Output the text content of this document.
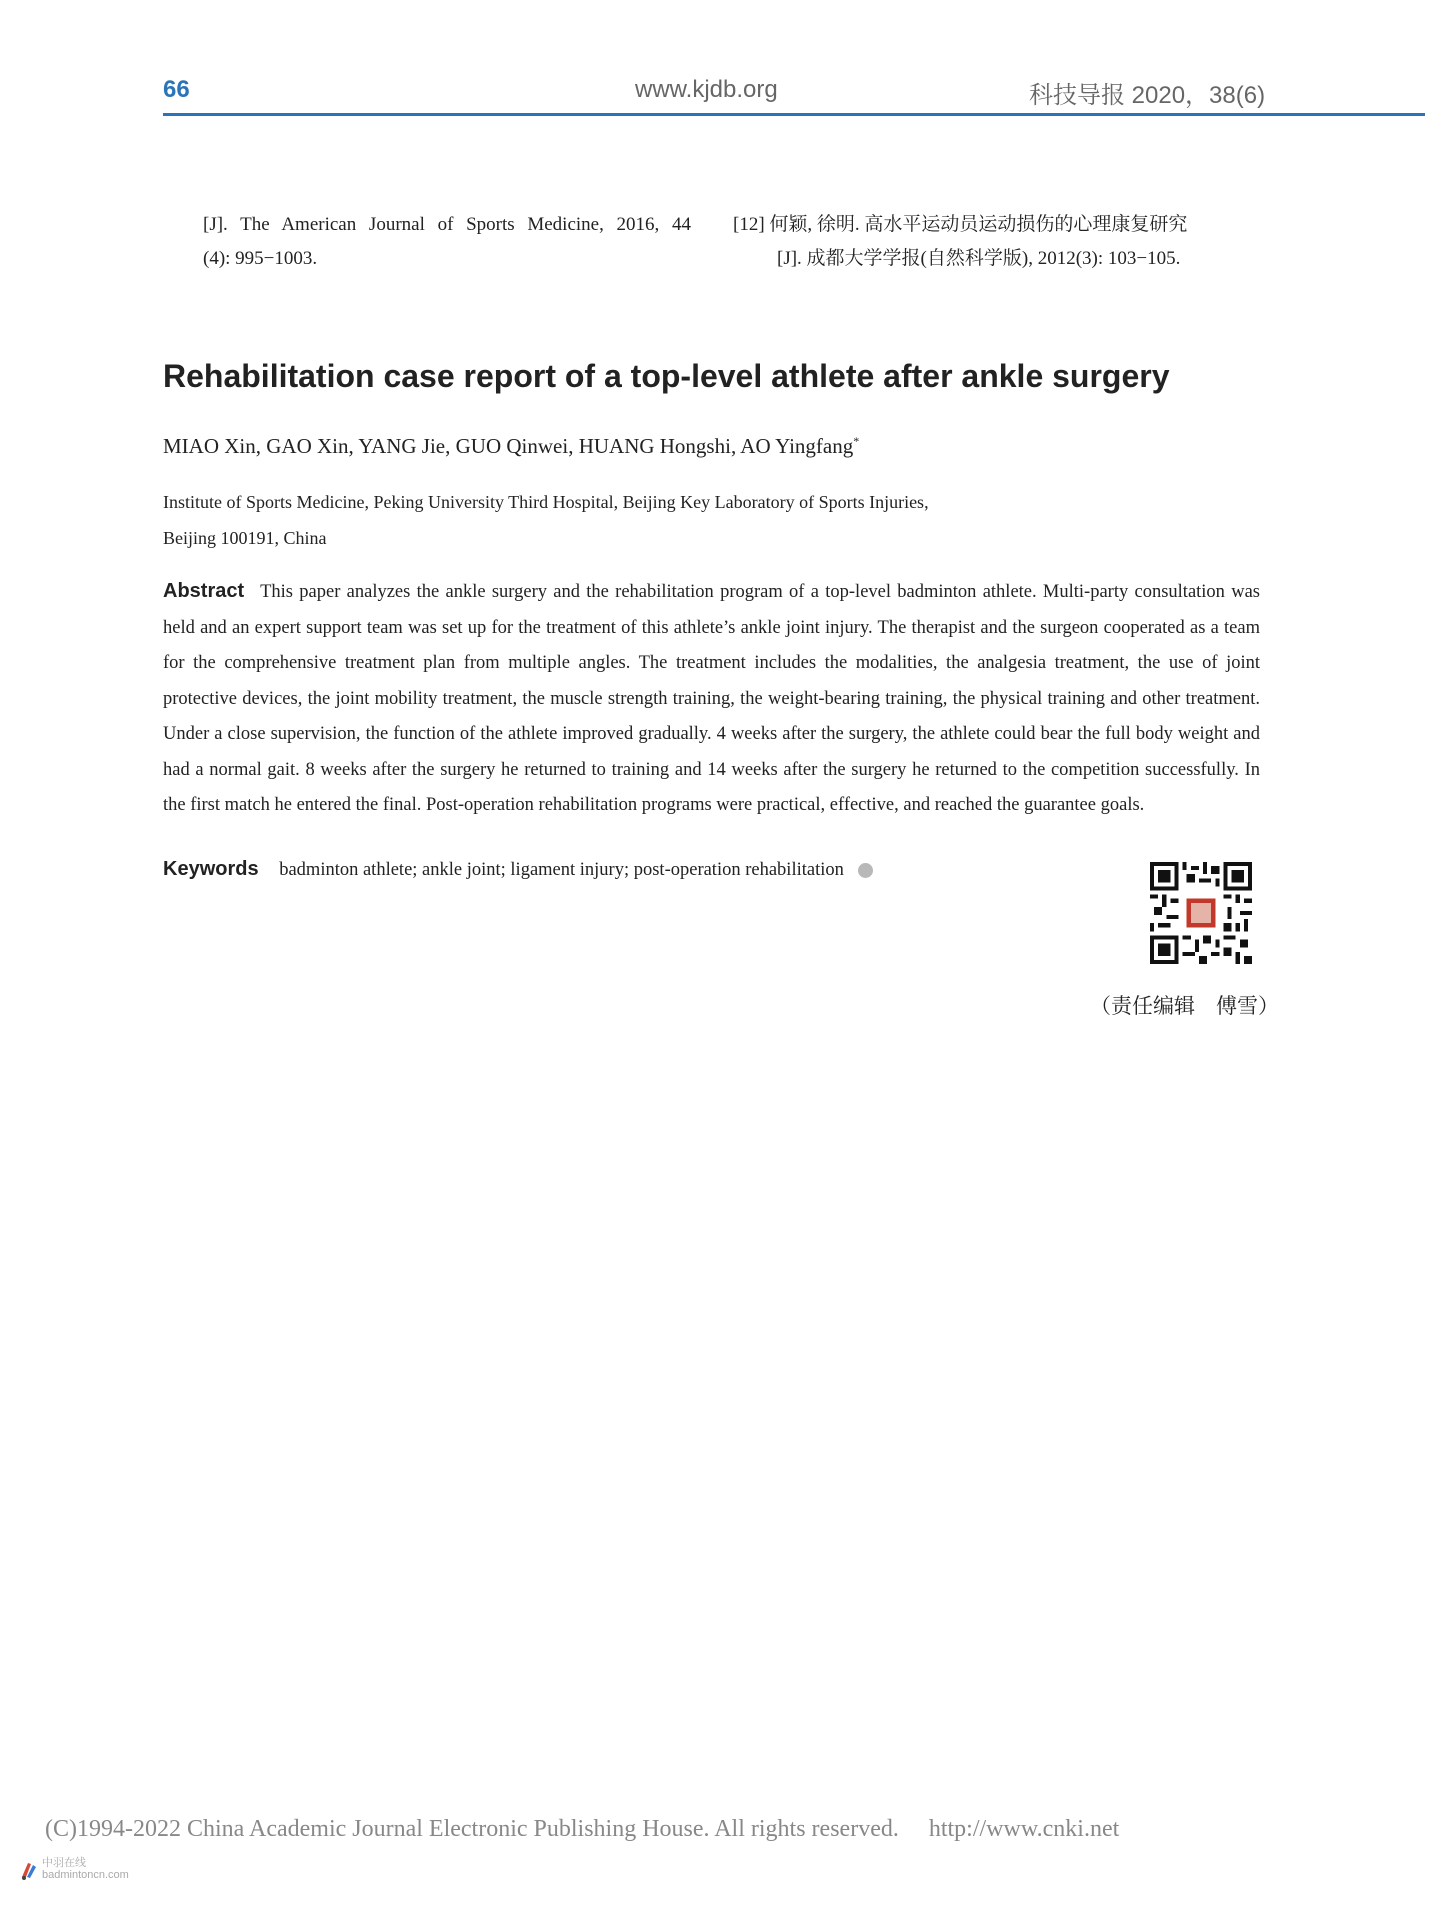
66	www.kjdb.org	科技导报 2020，38(6)
[J]. The American Journal of Sports Medicine, 2016, 44
(4): 995−1003.
[12] 何颖, 徐明. 高水平运动员运动损伤的心理康复研究
[J]. 成都大学学报(自然科学版), 2012(3): 103−105.
Rehabilitation case report of a top-level athlete after ankle surgery
MIAO Xin, GAO Xin, YANG Jie, GUO Qinwei, HUANG Hongshi, AO Yingfang*
Institute of Sports Medicine, Peking University Third Hospital, Beijing Key Laboratory of Sports Injuries,
Beijing 100191, China
Abstract This paper analyzes the ankle surgery and the rehabilitation program of a top-level badminton athlete. Multi-party consultation was held and an expert support team was set up for the treatment of this athlete’s ankle joint injury. The therapist and the surgeon cooperated as a team for the comprehensive treatment plan from multiple angles. The treatment includes the modalities, the analgesia treatment, the use of joint protective devices, the joint mobility treatment, the muscle strength training, the weight-bearing training, the physical training and other treatment. Under a close supervision, the function of the athlete improved gradually. 4 weeks after the surgery, the athlete could bear the full body weight and had a normal gait. 8 weeks after the surgery he returned to training and 14 weeks after the surgery he returned to the competition successfully. In the first match he entered the final. Post-operation rehabilitation programs were practical, effective, and reached the guarantee goals.
Keywords badminton athlete; ankle joint; ligament injury; post-operation rehabilitation
（责任编辑　傅雪）
(C)1994-2022 China Academic Journal Electronic Publishing House. All rights reserved. http://www.cnki.net
中羽在线
badmintoncn.com
